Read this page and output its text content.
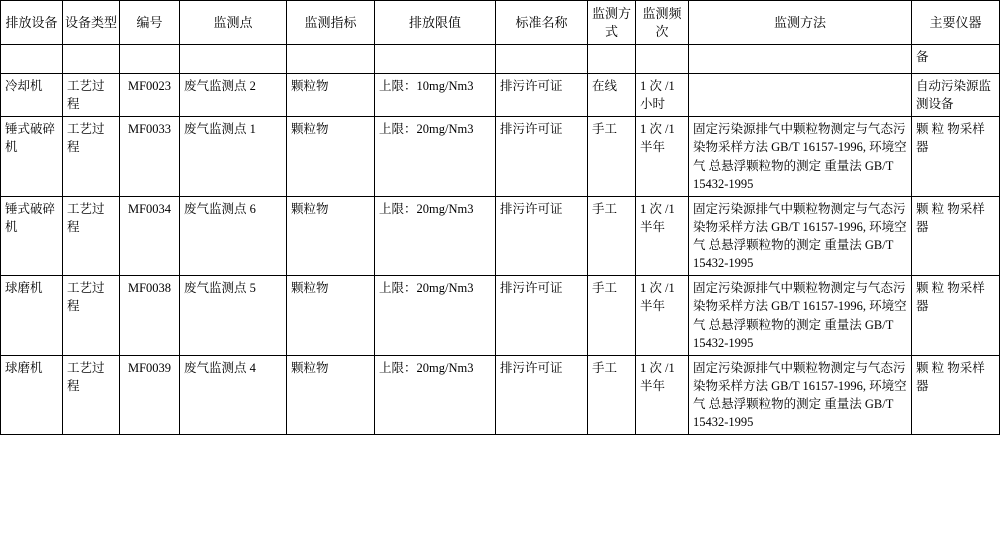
排放设备	设备类型	编号	监测点	监测指标	排放限值	标准名称	监测方式	监测频次	监测方法	主要仪器
										备
冷却机	工艺过程	MF0023	废气监测点 2	颗粒物	上限：10mg/Nm3	排污许可证	在线	1 次 /1 小时		自动污染源监测设备
锤式破碎机	工艺过程	MF0033	废气监测点 1	颗粒物	上限：20mg/Nm3	排污许可证	手工	1 次 /1 半年	固定污染源排气中颗粒物测定与气态污染物采样方法 GB/T 16157-1996, 环境空气 总悬浮颗粒物的测定 重量法 GB/T 15432-1995	颗 粒 物采样器
锤式破碎机	工艺过程	MF0034	废气监测点 6	颗粒物	上限：20mg/Nm3	排污许可证	手工	1 次 /1 半年	固定污染源排气中颗粒物测定与气态污染物采样方法 GB/T 16157-1996, 环境空气 总悬浮颗粒物的测定 重量法 GB/T 15432-1995	颗 粒 物采样器
球磨机	工艺过程	MF0038	废气监测点 5	颗粒物	上限：20mg/Nm3	排污许可证	手工	1 次 /1 半年	固定污染源排气中颗粒物测定与气态污染物采样方法 GB/T 16157-1996, 环境空气 总悬浮颗粒物的测定 重量法 GB/T 15432-1995	颗 粒 物采样器
球磨机	工艺过程	MF0039	废气监测点 4	颗粒物	上限：20mg/Nm3	排污许可证	手工	1 次 /1 半年	固定污染源排气中颗粒物测定与气态污染物采样方法 GB/T 16157-1996, 环境空气 总悬浮颗粒物的测定 重量法 GB/T 15432-1995	颗 粒 物采样器
